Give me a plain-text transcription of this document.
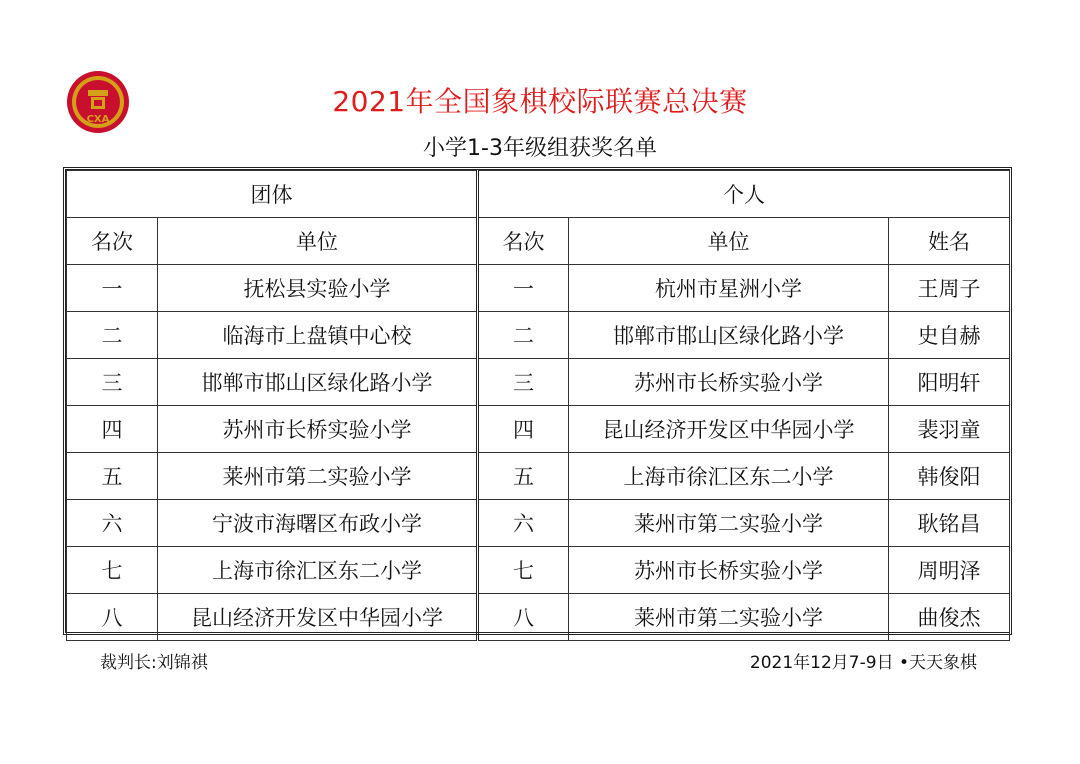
CXA
2021年全国象棋校际联赛总决赛
小学1-3年级组获奖名单
团体		个人		
名次	单位	名次	单位	姓名
一	抚松县实验小学	一	杭州市星洲小学	王周子
二	临海市上盘镇中心校	二	邯郸市邯山区绿化路小学	史自赫
三	邯郸市邯山区绿化路小学	三	苏州市长桥实验小学	阳明轩
四	苏州市长桥实验小学	四	昆山经济开发区中华园小学	裴羽童
五	莱州市第二实验小学	五	上海市徐汇区东二小学	韩俊阳
六	宁波市海曙区布政小学	六	莱州市第二实验小学	耿铭昌
七	上海市徐汇区东二小学	七	苏州市长桥实验小学	周明泽
八	昆山经济开发区中华园小学	八	莱州市第二实验小学	曲俊杰
裁判长:刘锦祺	2021年12月7-9日 •天天象棋
